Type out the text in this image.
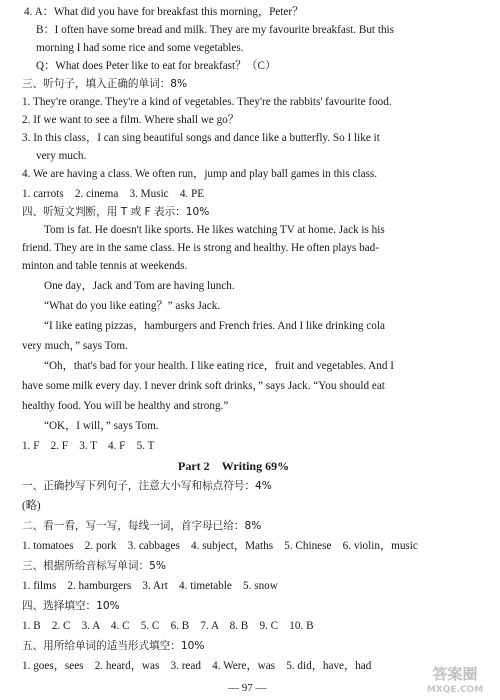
4. A：What did you have for breakfast this morning，Peter？
B：I often have some bread and milk. They are my favourite breakfast. But this
morning I had some rice and some vegetables.
Q：What does Peter like to eat for breakfast？（C）
三、听句子，填入正确的单词：8%
1. They're orange. They're a kind of vegetables. They're the rabbits' favourite food.
2. If we want to see a film. Where shall we go？
3. In this class，I can sing beautiful songs and dance like a butterfly. So I like it
very much.
4. We are having a class. We often run，jump and play ball games in this class.
1. carrots　2. cinema　3. Music　4. PE
四、听短文判断，用 T 或 F 表示：10%
Tom is fat. He doesn't like sports. He likes watching TV at home. Jack is his
friend. They are in the same class. He is strong and healthy. He often plays bad-
minton and table tennis at weekends.
One day，Jack and Tom are having lunch.
“What do you like eating？” asks Jack.
“I like eating pizzas，hamburgers and French fries. And I like drinking cola
very much，” says Tom.
“Oh，that's bad for your health. I like eating rice，fruit and vegetables. And I
have some milk every day. I never drink soft drinks，” says Jack. “You should eat
healthy food. You will be healthy and strong.”
“OK，I will，” says Tom.
1. F　2. F　3. T　4. F　5. T
Part 2　Writing 69%
一、正确抄写下列句子，注意大小写和标点符号：4%
(略)
二、看一看，写一写，每线一词，首字母已给：8%
1. tomatoes　2. pork　3. cabbages　4. subject，Maths　5. Chinese　6. violin，music
三、根据所给音标写单词：5%
1. films　2. hamburgers　3. Art　4. timetable　5. snow
四、选择填空：10%
1. B　2. C　3. A　4. C　5. C　6. B　7. A　8. B　9. C　10. B
五、用所给单词的适当形式填空：10%
1. goes，sees　2. heard，was　3. read　4. Were，was　5. did，have，had
— 97 —
答案圈
MXQE.COM
